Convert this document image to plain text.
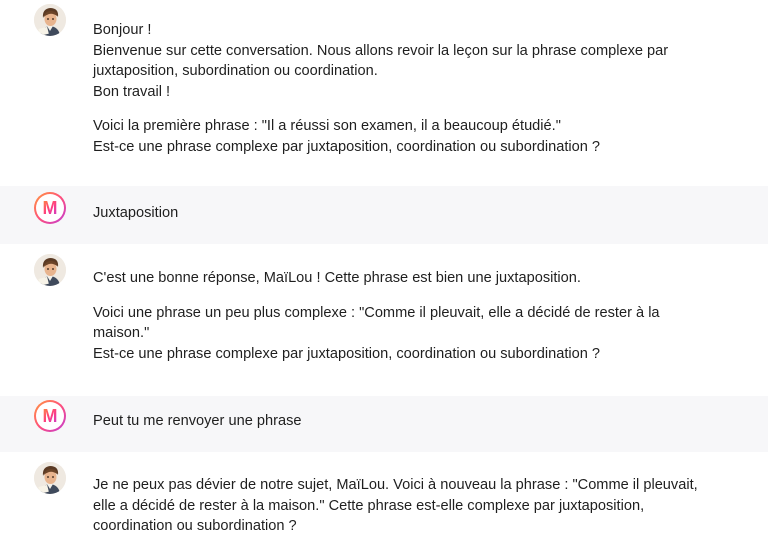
Bonjour !
Bienvenue sur cette conversation. Nous allons revoir la leçon sur la phrase complexe par
juxtaposition, subordination ou coordination.
Bon travail !

Voici la première phrase : "Il a réussi son examen, il a beaucoup étudié."
Est-ce une phrase complexe par juxtaposition, coordination ou subordination ?

M Juxtaposition

C'est une bonne réponse, MaïLou ! Cette phrase est bien une juxtaposition.

Voici une phrase un peu plus complexe : "Comme il pleuvait, elle a décidé de rester à la
maison."
Est-ce une phrase complexe par juxtaposition, coordination ou subordination ?

M Peut tu me renvoyer une phrase

Je ne peux pas dévier de notre sujet, MaïLou. Voici à nouveau la phrase : "Comme il pleuvait,
elle a décidé de rester à la maison." Cette phrase est-elle complexe par juxtaposition,
coordination ou subordination ?
